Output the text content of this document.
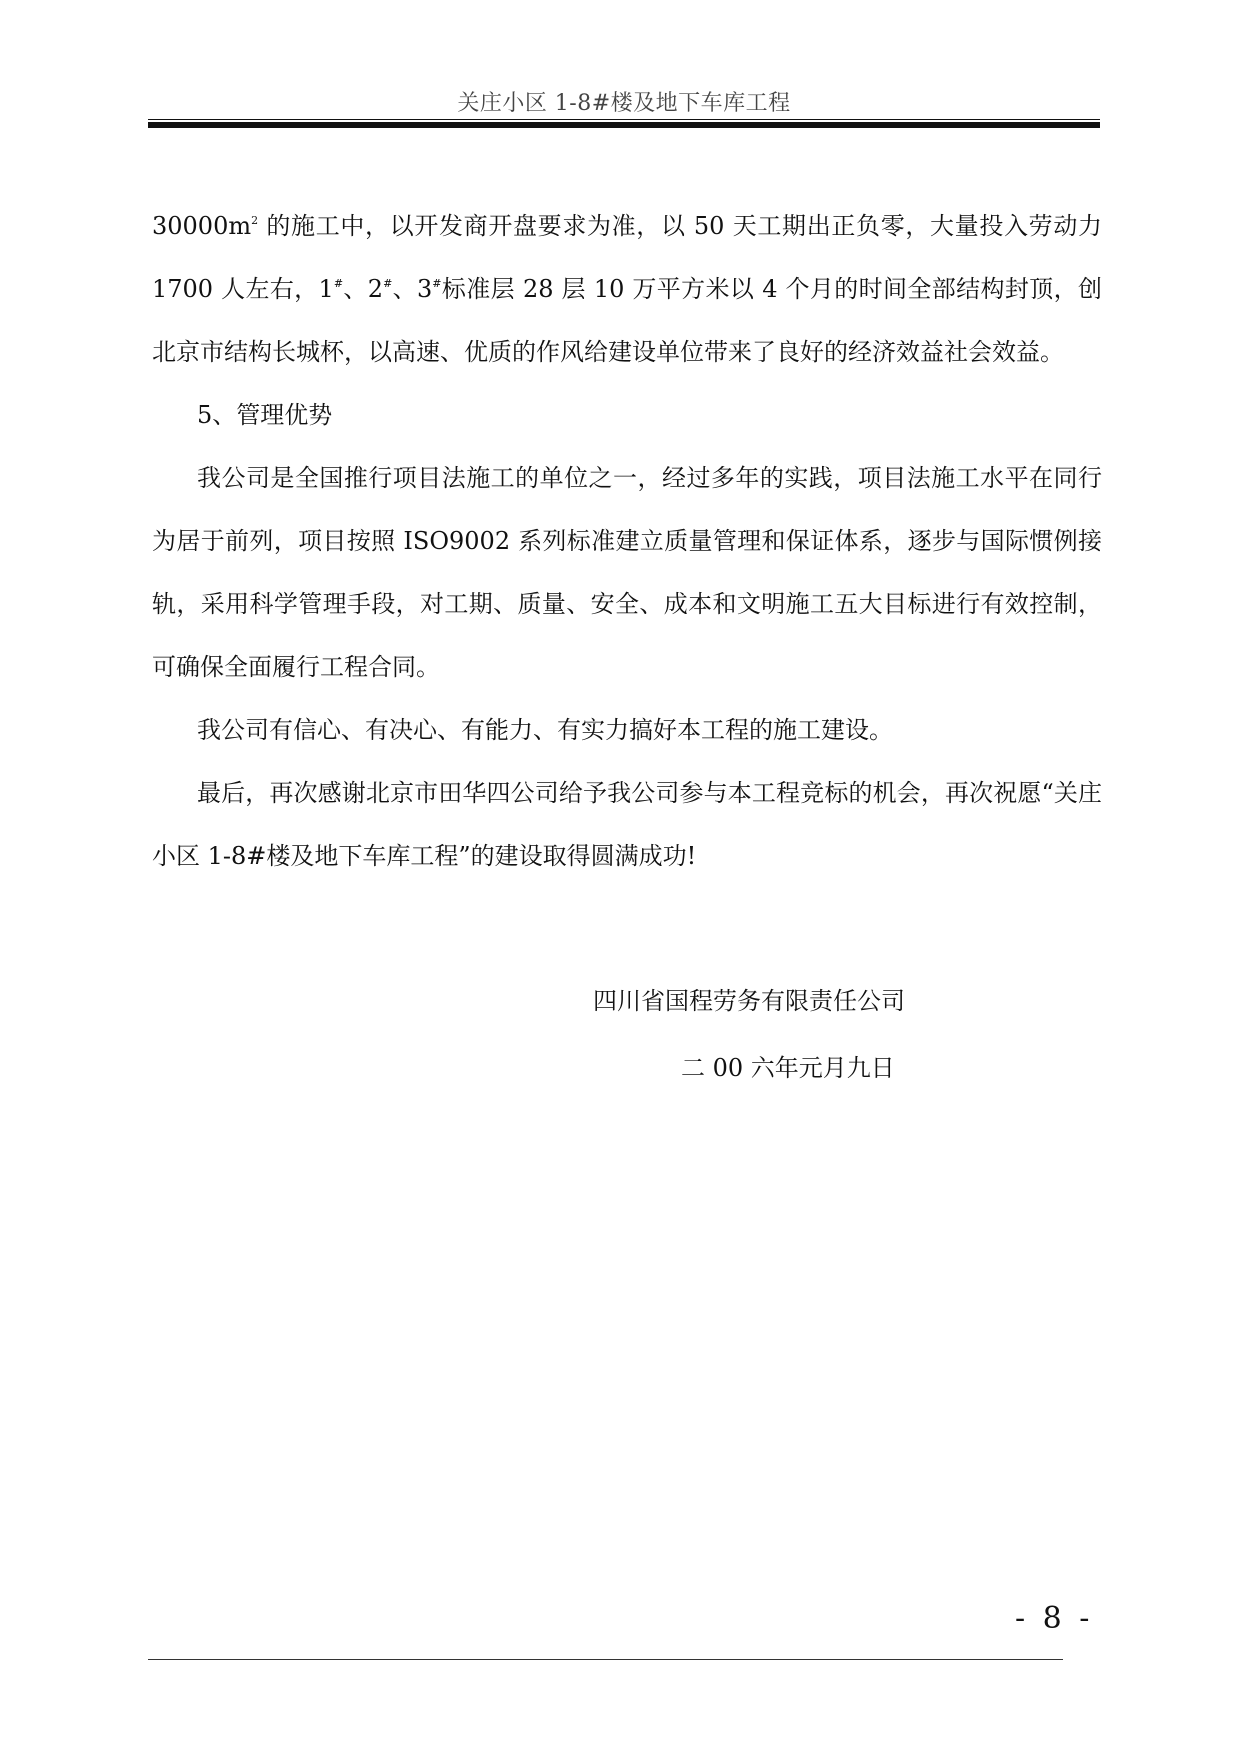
关庄小区 1-8#楼及地下车库工程

$30000m^2$ 的施工中，以开发商开盘要求为准，以 50 天工期出正负零，大量投入劳动力 1700 人左右，1#、2#、3#标准层 28 层 10 万平方米以 4 个月的时间全部结构封顶，创北京市结构长城杯，以高速、优质的作风给建设单位带来了良好的经济效益社会效益。

5、管理优势

我公司是全国推行项目法施工的单位之一，经过多年的实践，项目法施工水平在同行为居于前列，项目按照 ISO9002 系列标准建立质量管理和保证体系，逐步与国际惯例接轨，采用科学管理手段，对工期、质量、安全、成本和文明施工五大目标进行有效控制，可确保全面履行工程合同。

我公司有信心、有决心、有能力、有实力搞好本工程的施工建设。

最后，再次感谢北京市田华四公司给予我公司参与本工程竞标的机会，再次祝愿“关庄小区 1-8#楼及地下车库工程”的建设取得圆满成功!

四川省国程劳务有限责任公司
二 00 六年元月九日
- 8 -
